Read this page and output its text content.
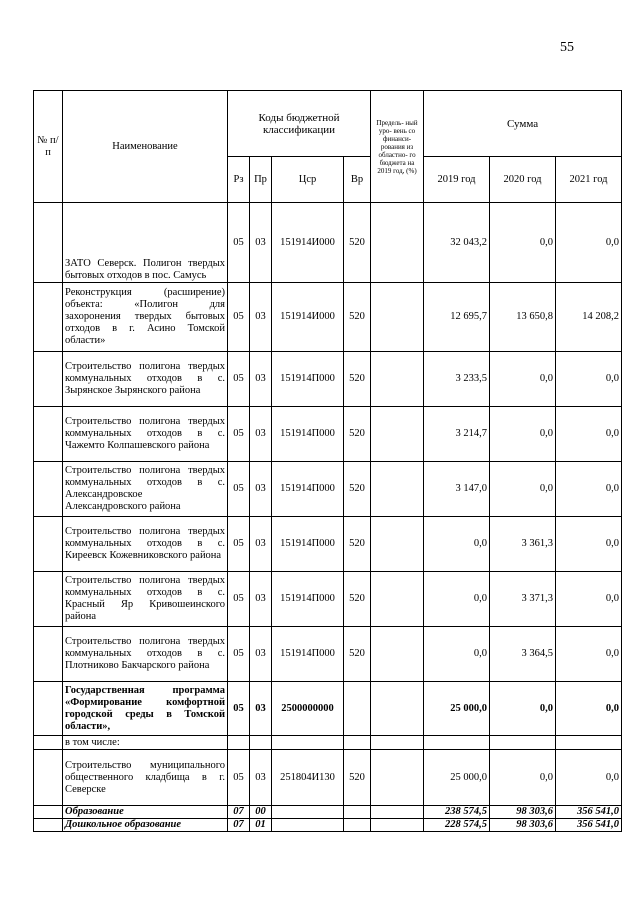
55
№ п/п	Наименование	Коды бюджетной классификации				Предель- ный уро- вень со финанси- рования из областно- го бюджета на 2019 год, (%)	Сумма		
		Рз	Пр	Цср	Вр		2019 год	2020 год	2021 год
	ЗАТО Северск. Полигон твердых бытовых отходов в пос. Самусь	05	03	151914И000	520		32 043,2	0,0	0,0
	Реконструкция (расширение) объекта: «Полигон для захоронения твердых бытовых отходов в г. Асино Томской области»	05	03	151914И000	520		12 695,7	13 650,8	14 208,2
	Строительство полигона твердых коммунальных отходов в с. Зырянское Зырянского района	05	03	151914П000	520		3 233,5	0,0	0,0
	Строительство полигона твердых коммунальных отходов в с. Чажемто Колпашевского района	05	03	151914П000	520		3 214,7	0,0	0,0
	Строительство полигона твердых коммунальных отходов в с. Александровское Александровского района	05	03	151914П000	520		3 147,0	0,0	0,0
	Строительство полигона твердых коммунальных отходов в с. Киреевск Кожевниковского района	05	03	151914П000	520		0,0	3 361,3	0,0
	Строительство полигона твердых коммунальных отходов в с. Красный Яр Кривошеинского района	05	03	151914П000	520		0,0	3 371,3	0,0
	Строительство полигона твердых коммунальных отходов в с. Плотниково Бакчарского района	05	03	151914П000	520		0,0	3 364,5	0,0
	Государственная программа «Формирование комфортной городской среды в Томской области»,	05	03	2500000000			25 000,0	0,0	0,0
	в том числе:								
	Строительство муниципального общественного кладбища в г. Северске	05	03	251804И130	520		25 000,0	0,0	0,0
	Образование	07	00				238 574,5	98 303,6	356 541,0
	Дошкольное образование	07	01				228 574,5	98 303,6	356 541,0
